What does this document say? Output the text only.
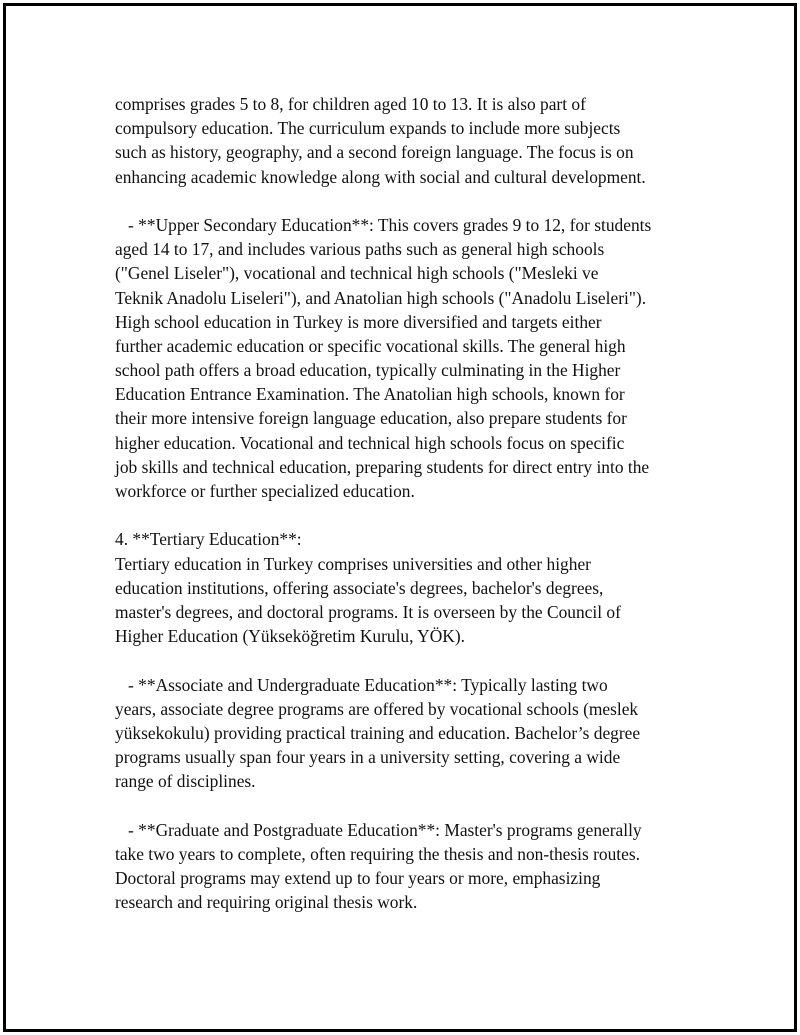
comprises grades 5 to 8, for children aged 10 to 13. It is also part of
compulsory education. The curriculum expands to include more subjects
such as history, geography, and a second foreign language. The focus is on
enhancing academic knowledge along with social and cultural development.
- **Upper Secondary Education**: This covers grades 9 to 12, for students
aged 14 to 17, and includes various paths such as general high schools
("Genel Liseler"), vocational and technical high schools ("Mesleki ve
Teknik Anadolu Liseleri"), and Anatolian high schools ("Anadolu Liseleri").
High school education in Turkey is more diversified and targets either
further academic education or specific vocational skills. The general high
school path offers a broad education, typically culminating in the Higher
Education Entrance Examination. The Anatolian high schools, known for
their more intensive foreign language education, also prepare students for
higher education. Vocational and technical high schools focus on specific
job skills and technical education, preparing students for direct entry into the
workforce or further specialized education.
4. **Tertiary Education**:
Tertiary education in Turkey comprises universities and other higher
education institutions, offering associate's degrees, bachelor's degrees,
master's degrees, and doctoral programs. It is overseen by the Council of
Higher Education (Yükseköğretim Kurulu, YÖK).
- **Associate and Undergraduate Education**: Typically lasting two
years, associate degree programs are offered by vocational schools (meslek
yüksekokulu) providing practical training and education. Bachelor’s degree
programs usually span four years in a university setting, covering a wide
range of disciplines.
- **Graduate and Postgraduate Education**: Master's programs generally
take two years to complete, often requiring the thesis and non-thesis routes.
Doctoral programs may extend up to four years or more, emphasizing
research and requiring original thesis work.
